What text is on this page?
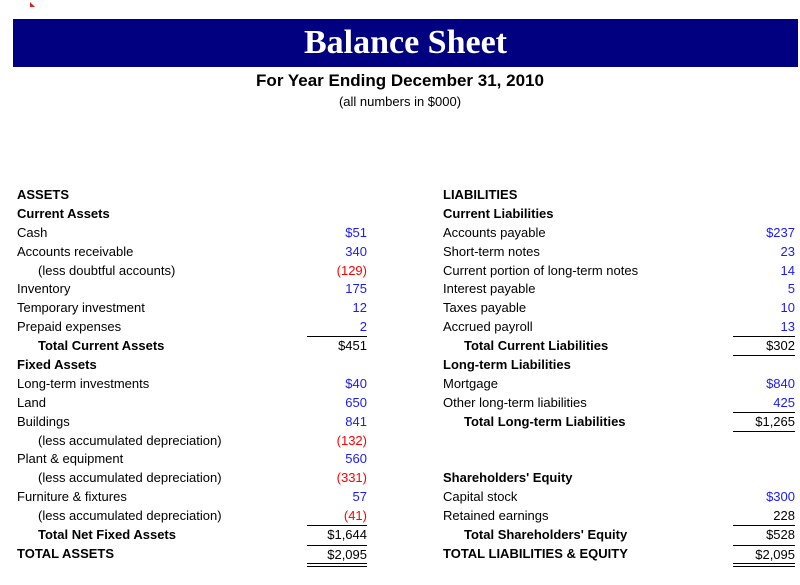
Balance Sheet
For Year Ending December 31, 2010
(all numbers in $000)
ASSETS
Current Assets
Cash	$51
Accounts receivable	340
(less doubtful accounts)	(129)
Inventory	175
Temporary investment	12
Prepaid expenses	2
Total Current Assets	$451
Fixed Assets
Long-term investments	$40
Land	650
Buildings	841
(less accumulated depreciation)	(132)
Plant & equipment	560
(less accumulated depreciation)	(331)
Furniture & fixtures	57
(less accumulated depreciation)	(41)
Total Net Fixed Assets	$1,644
TOTAL ASSETS	$2,095
LIABILITIES
Current Liabilities
Accounts payable	$237
Short-term notes	23
Current portion of long-term notes	14
Interest payable	5
Taxes payable	10
Accrued payroll	13
Total Current Liabilities	$302
Long-term Liabilities
Mortgage	$840
Other long-term liabilities	425
Total Long-term Liabilities	$1,265
Shareholders' Equity
Capital stock	$300
Retained earnings	228
Total Shareholders' Equity	$528
TOTAL LIABILITIES & EQUITY	$2,095
